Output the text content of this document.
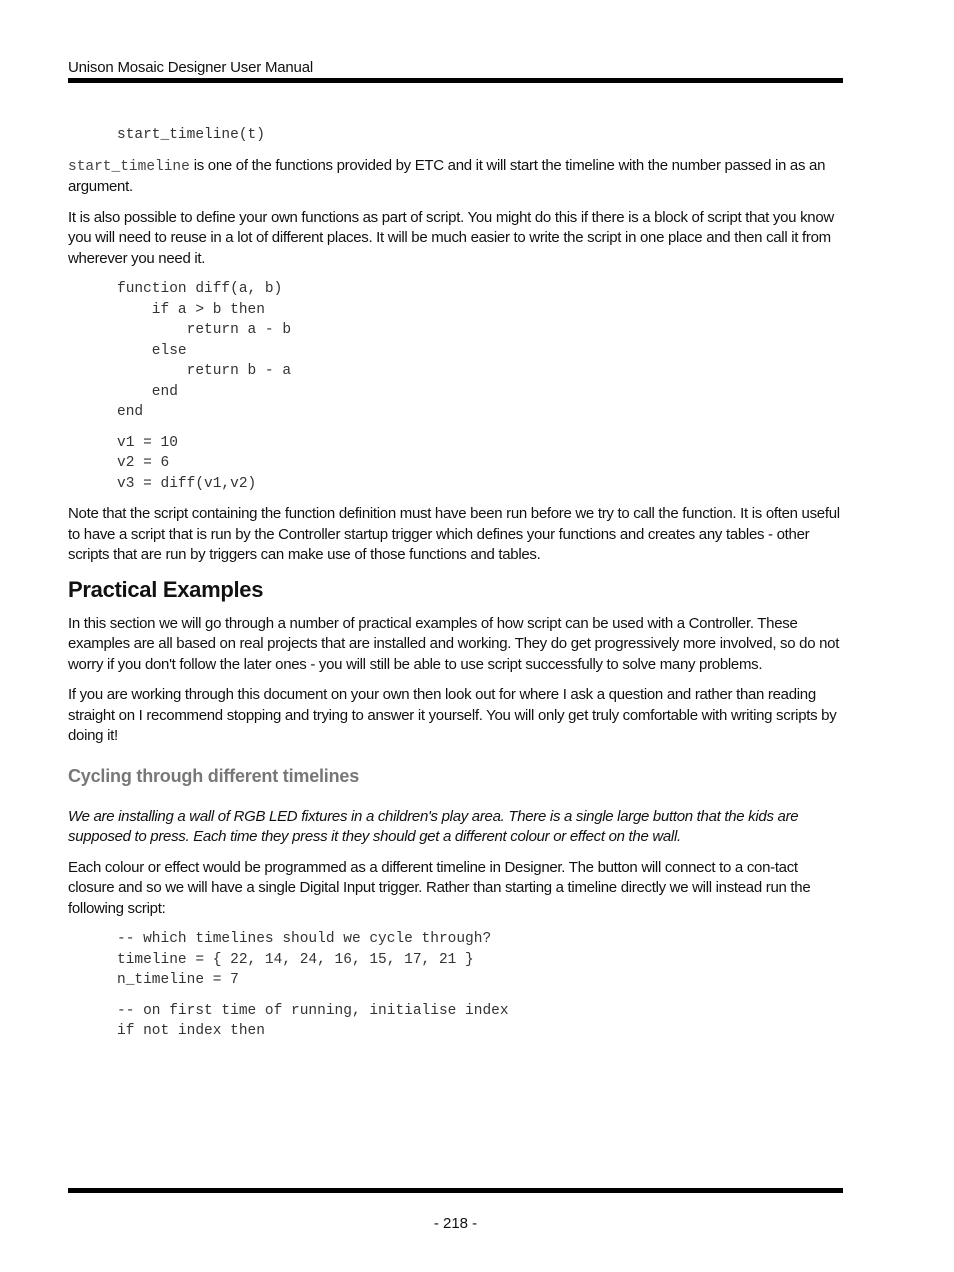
Unison Mosaic Designer User Manual
start_timeline(t)

start_timeline is one of the functions provided by ETC and it will start the timeline with the number passed in as an argument.

It is also possible to define your own functions as part of script. You might do this if there is a block of script that you know you will need to reuse in a lot of different places. It will be much easier to write the script in one place and then call it from wherever you need it.

function diff(a, b)
if a > b then
return a - b
else
return b - a
end
end
v1 = 10
v2 = 6
v3 = diff(v1,v2)

Note that the script containing the function definition must have been run before we try to call the function. It is often useful to have a script that is run by the Controller startup trigger which defines your functions and creates any tables - other scripts that are run by triggers can make use of those functions and tables.

Practical Examples

In this section we will go through a number of practical examples of how script can be used with a Controller. These examples are all based on real projects that are installed and working. They do get progressively more involved, so do not worry if you don't follow the later ones - you will still be able to use script successfully to solve many problems.

If you are working through this document on your own then look out for where I ask a question and rather than reading straight on I recommend stopping and trying to answer it yourself. You will only get truly comfortable with writing scripts by doing it!

Cycling through different timelines

We are installing a wall of RGB LED fixtures in a children's play area. There is a single large button that the kids are supposed to press. Each time they press it they should get a different colour or effect on the wall.

Each colour or effect would be programmed as a different timeline in Designer. The button will connect to a con-tact closure and so we will have a single Digital Input trigger. Rather than starting a timeline directly we will instead run the following script:

-- which timelines should we cycle through?
timeline = { 22, 14, 24, 16, 15, 17, 21 }
n_timeline = 7
-- on first time of running, initialise index
if not index then
- 218 -
